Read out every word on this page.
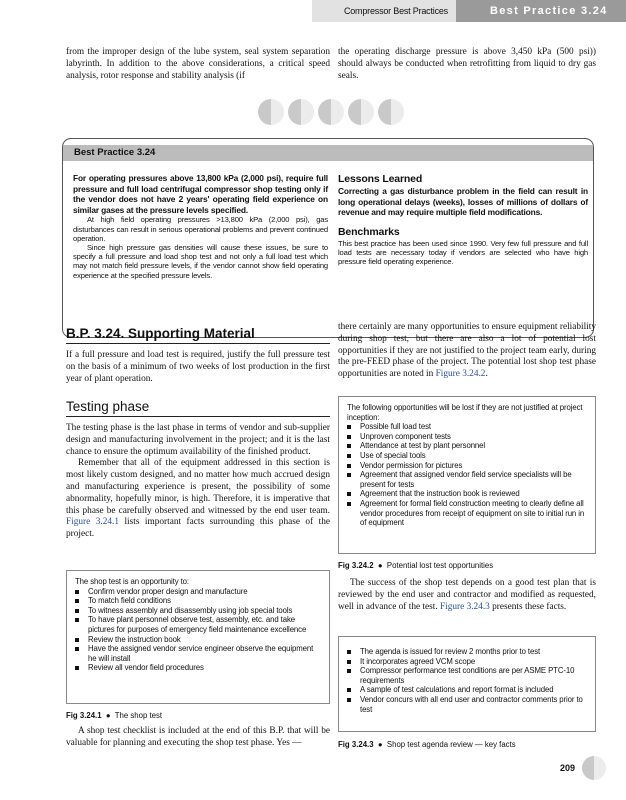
Compressor Best Practices	Best Practice 3.24

from the improper design of the lube system, seal system separation labyrinth. In addition to the above considerations, a critical speed analysis, rotor response and stability analysis (if

the operating discharge pressure is above 3,450 kPa (500 psi)) should always be conducted when retrofitting from liquid to dry gas seals.

Best Practice 3.24
For operating pressures above 13,800 kPa (2,000 psi), require full pressure and full load centrifugal compressor shop testing only if the vendor does not have 2 years' operating field experience on similar gases at the pressure levels specified.
At high field operating pressures >13,800 kPa (2,000 psi), gas disturbances can result in serious operational problems and prevent continued operation.
Since high pressure gas densities will cause these issues, be sure to specify a full pressure and load shop test and not only a full load test which may not match field pressure levels, if the vendor cannot show field operating experience at the specified pressure levels.
Lessons Learned
Correcting a gas disturbance problem in the field can result in long operational delays (weeks), losses of millions of dollars of revenue and may require multiple field modifications.
Benchmarks
This best practice has been used since 1990. Very few full pressure and full load tests are necessary today if vendors are selected who have high pressure field operating experience.
B.P. 3.24. Supporting Material

If a full pressure and load test is required, justify the full pressure test on the basis of a minimum of two weeks of lost production in the first year of plant operation.

Testing phase

The testing phase is the last phase in terms of vendor and sub-supplier design and manufacturing involvement in the project; and it is the last chance to ensure the optimum availability of the finished product.

Remember that all of the equipment addressed in this section is most likely custom designed, and no matter how much accrued design and manufacturing experience is present, the possibility of some abnormality, hopefully minor, is high. Therefore, it is imperative that this phase be carefully observed and witnessed by the end user team. Figure 3.24.1 lists important facts surrounding this phase of the project.

The shop test is an opportunity to:
Confirm vendor proper design and manufacture
To match field conditions
To witness assembly and disassembly using job special tools
To have plant personnel observe test, assembly, etc. and take pictures for purposes of emergency field maintenance excellence
Review the instruction book
Have the assigned vendor service engineer observe the equipment he will install
Review all vendor field procedures
Fig 3.24.1  ●  The shop test

A shop test checklist is included at the end of this B.P. that will be valuable for planning and executing the shop test phase. Yes —

there certainly are many opportunities to ensure equipment reliability during shop test, but there are also a lot of potential lost opportunities if they are not justified to the project team early, during the pre-FEED phase of the project. The potential lost shop test phase opportunities are noted in Figure 3.24.2.

The following opportunities will be lost if they are not justified at project inception:
Possible full load test
Unproven component tests
Attendance at test by plant personnel
Use of special tools
Vendor permission for pictures
Agreement that assigned vendor field service specialists will be present for tests
Agreement that the instruction book is reviewed
Agreement for formal field construction meeting to clearly define all vendor procedures from receipt of equipment on site to initial run in of equipment
Fig 3.24.2  ●  Potential lost test opportunities

The success of the shop test depends on a good test plan that is reviewed by the end user and contractor and modified as requested, well in advance of the test. Figure 3.24.3 presents these facts.

The agenda is issued for review 2 months prior to test
It incorporates agreed VCM scope
Compressor performance test conditions are per ASME PTC-10 requirements
A sample of test calculations and report format is included
Vendor concurs with all end user and contractor comments prior to test
Fig 3.24.3  ●  Shop test agenda review — key facts
209
